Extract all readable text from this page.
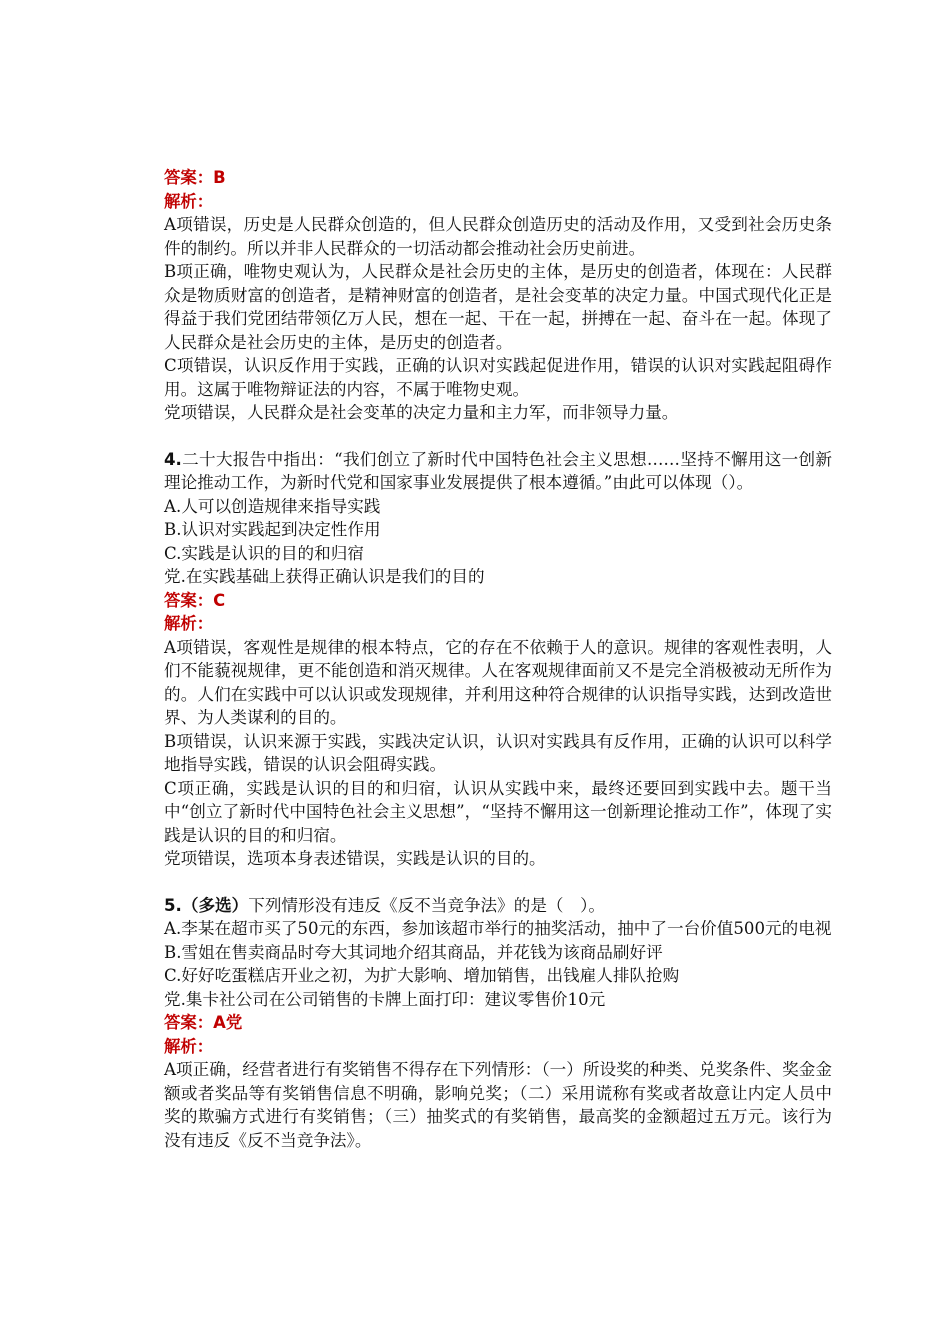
答案：B

解析：

A项错误，历史是人民群众创造的，但人民群众创造历史的活动及作用，又受到社会历史条件的制约。所以并非人民群众的一切活动都会推动社会历史前进。

B项正确，唯物史观认为，人民群众是社会历史的主体，是历史的创造者，体现在：人民群众是物质财富的创造者，是精神财富的创造者，是社会变革的决定力量。中国式现代化正是得益于我们党团结带领亿万人民，想在一起、干在一起，拼搏在一起、奋斗在一起。体现了人民群众是社会历史的主体，是历史的创造者。

C项错误，认识反作用于实践，正确的认识对实践起促进作用，错误的认识对实践起阻碍作用。这属于唯物辩证法的内容，不属于唯物史观。

党项错误，人民群众是社会变革的决定力量和主力军，而非领导力量。

4.二十大报告中指出：“我们创立了新时代中国特色社会主义思想……坚持不懈用这一创新理论推动工作，为新时代党和国家事业发展提供了根本遵循。”由此可以体现（）。

A.人可以创造规律来指导实践

B.认识对实践起到决定性作用

C.实践是认识的目的和归宿

党.在实践基础上获得正确认识是我们的目的

答案：C

解析：

A项错误，客观性是规律的根本特点，它的存在不依赖于人的意识。规律的客观性表明，人们不能藐视规律，更不能创造和消灭规律。人在客观规律面前又不是完全消极被动无所作为的。人们在实践中可以认识或发现规律，并利用这种符合规律的认识指导实践，达到改造世界、为人类谋利的目的。

B项错误，认识来源于实践，实践决定认识，认识对实践具有反作用，正确的认识可以科学地指导实践，错误的认识会阻碍实践。

C项正确，实践是认识的目的和归宿，认识从实践中来，最终还要回到实践中去。题干当中“创立了新时代中国特色社会主义思想”，“坚持不懈用这一创新理论推动工作”，体现了实践是认识的目的和归宿。

党项错误，选项本身表述错误，实践是认识的目的。

5.（多选）下列情形没有违反《反不当竞争法》的是（　）。

A.李某在超市买了50元的东西，参加该超市举行的抽奖活动，抽中了一台价值500元的电视

B.雪姐在售卖商品时夸大其词地介绍其商品，并花钱为该商品刷好评

C.好好吃蛋糕店开业之初，为扩大影响、增加销售，出钱雇人排队抢购

党.集卡社公司在公司销售的卡牌上面打印：建议零售价10元

答案：A党

解析：

A项正确，经营者进行有奖销售不得存在下列情形：（一）所设奖的种类、兑奖条件、奖金金额或者奖品等有奖销售信息不明确，影响兑奖；（二）采用谎称有奖或者故意让内定人员中奖的欺骗方式进行有奖销售；（三）抽奖式的有奖销售，最高奖的金额超过五万元。该行为没有违反《反不当竞争法》。
